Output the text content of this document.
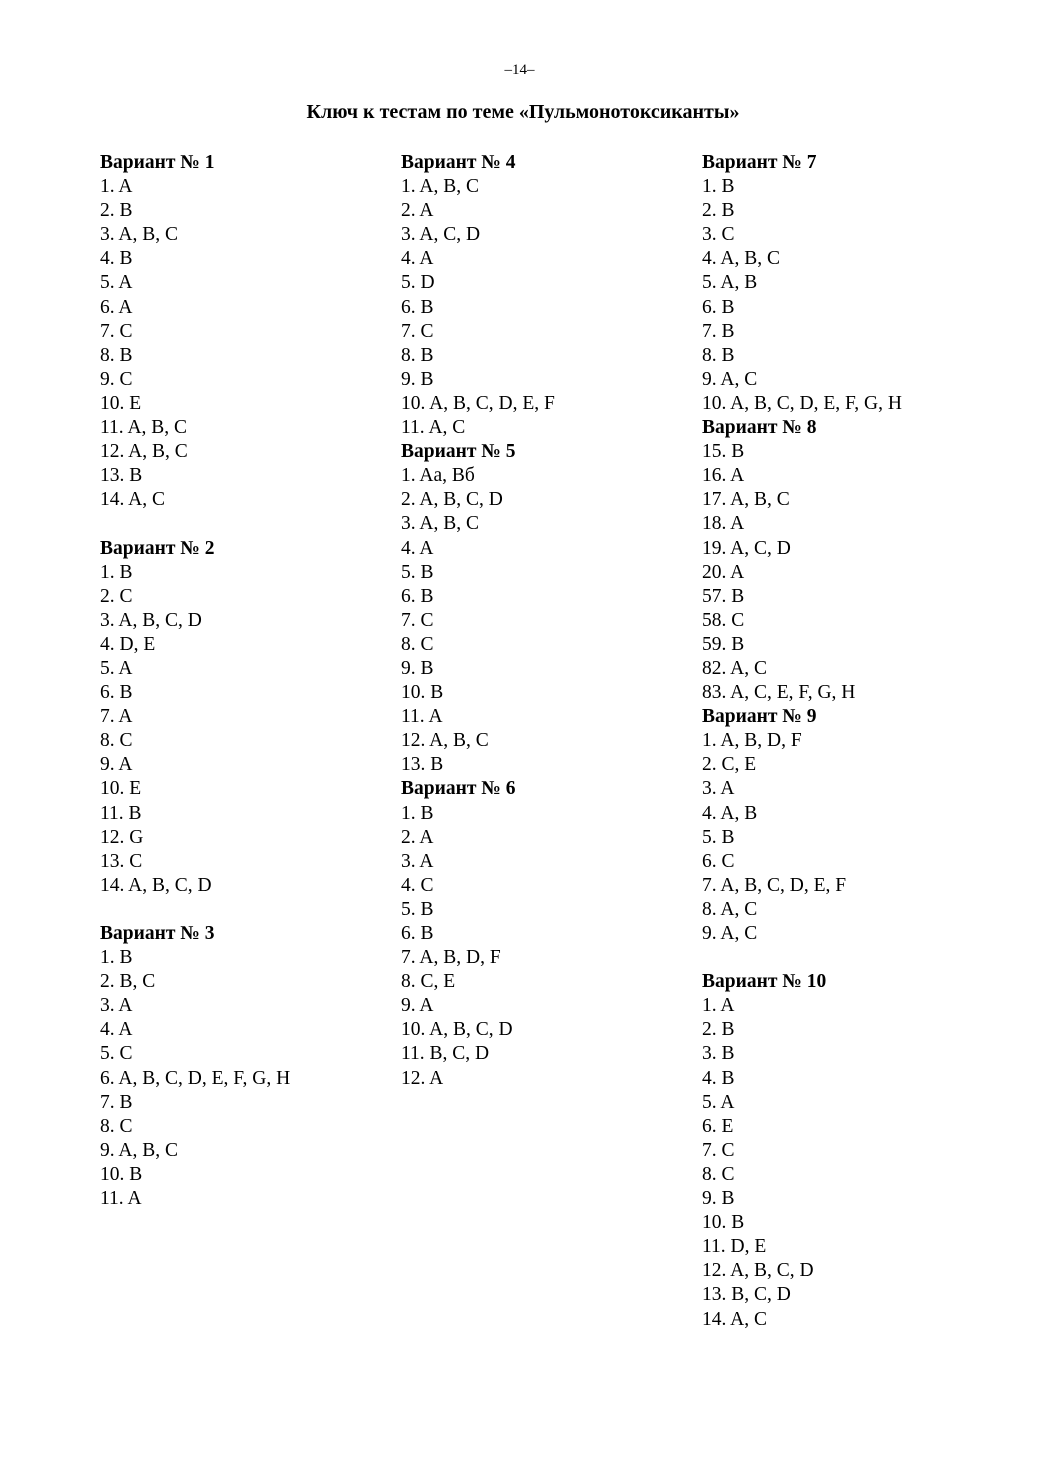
–14–
Ключ к тестам по теме «Пульмонотоксиканты»
Вариант № 1
1. A
2. B
3. A, B, C
4. B
5. A
6. A
7. C
8. B
9. C
10. E
11. A, B, C
12. A, B, C
13. B
14. A, C
Вариант № 2
1. B
2. C
3. A, B, C, D
4. D, E
5. A
6. B
7. A
8. C
9. A
10. E
11. B
12. G
13. C
14. A, B, C, D
Вариант № 3
1. B
2. B, C
3. A
4. A
5. C
6. A, B, C, D, E, F, G, H
7. B
8. C
9. A, B, C
10. B
11. A
Вариант № 4
1. A, B, C
2. A
3. A, C, D
4. A
5. D
6. B
7. C
8. B
9. B
10. A, B, C, D, E, F
11. A, C
Вариант № 5
1. Aa, Bб
2. A, B, C, D
3. A, B, C
4. A
5. B
6. B
7. C
8. C
9. B
10. B
11. A
12. A, B, C
13. B
Вариант № 6
1. B
2. A
3. A
4. C
5. B
6. B
7. A, B, D, F
8. C, E
9. A
10. A, B, C, D
11. B, C, D
12. A
Вариант № 7
1. B
2. B
3. C
4. A, B, C
5. A, B
6. B
7. B
8. B
9. A, C
10. A, B, C, D, E, F, G, H
Вариант № 8
15. B
16. A
17. A, B, C
18. A
19. A, C, D
20. A
57. B
58. C
59. B
82. A, C
83. A, C, E, F, G, H
Вариант № 9
1. A, B, D, F
2. C, E
3. A
4. A, B
5. B
6. C
7. A, B, C, D, E, F
8. A, C
9. A, C
Вариант № 10
1. A
2. B
3. B
4. B
5. A
6. E
7. C
8. C
9. B
10. B
11. D, E
12. A, B, C, D
13. B, C, D
14. A, C
